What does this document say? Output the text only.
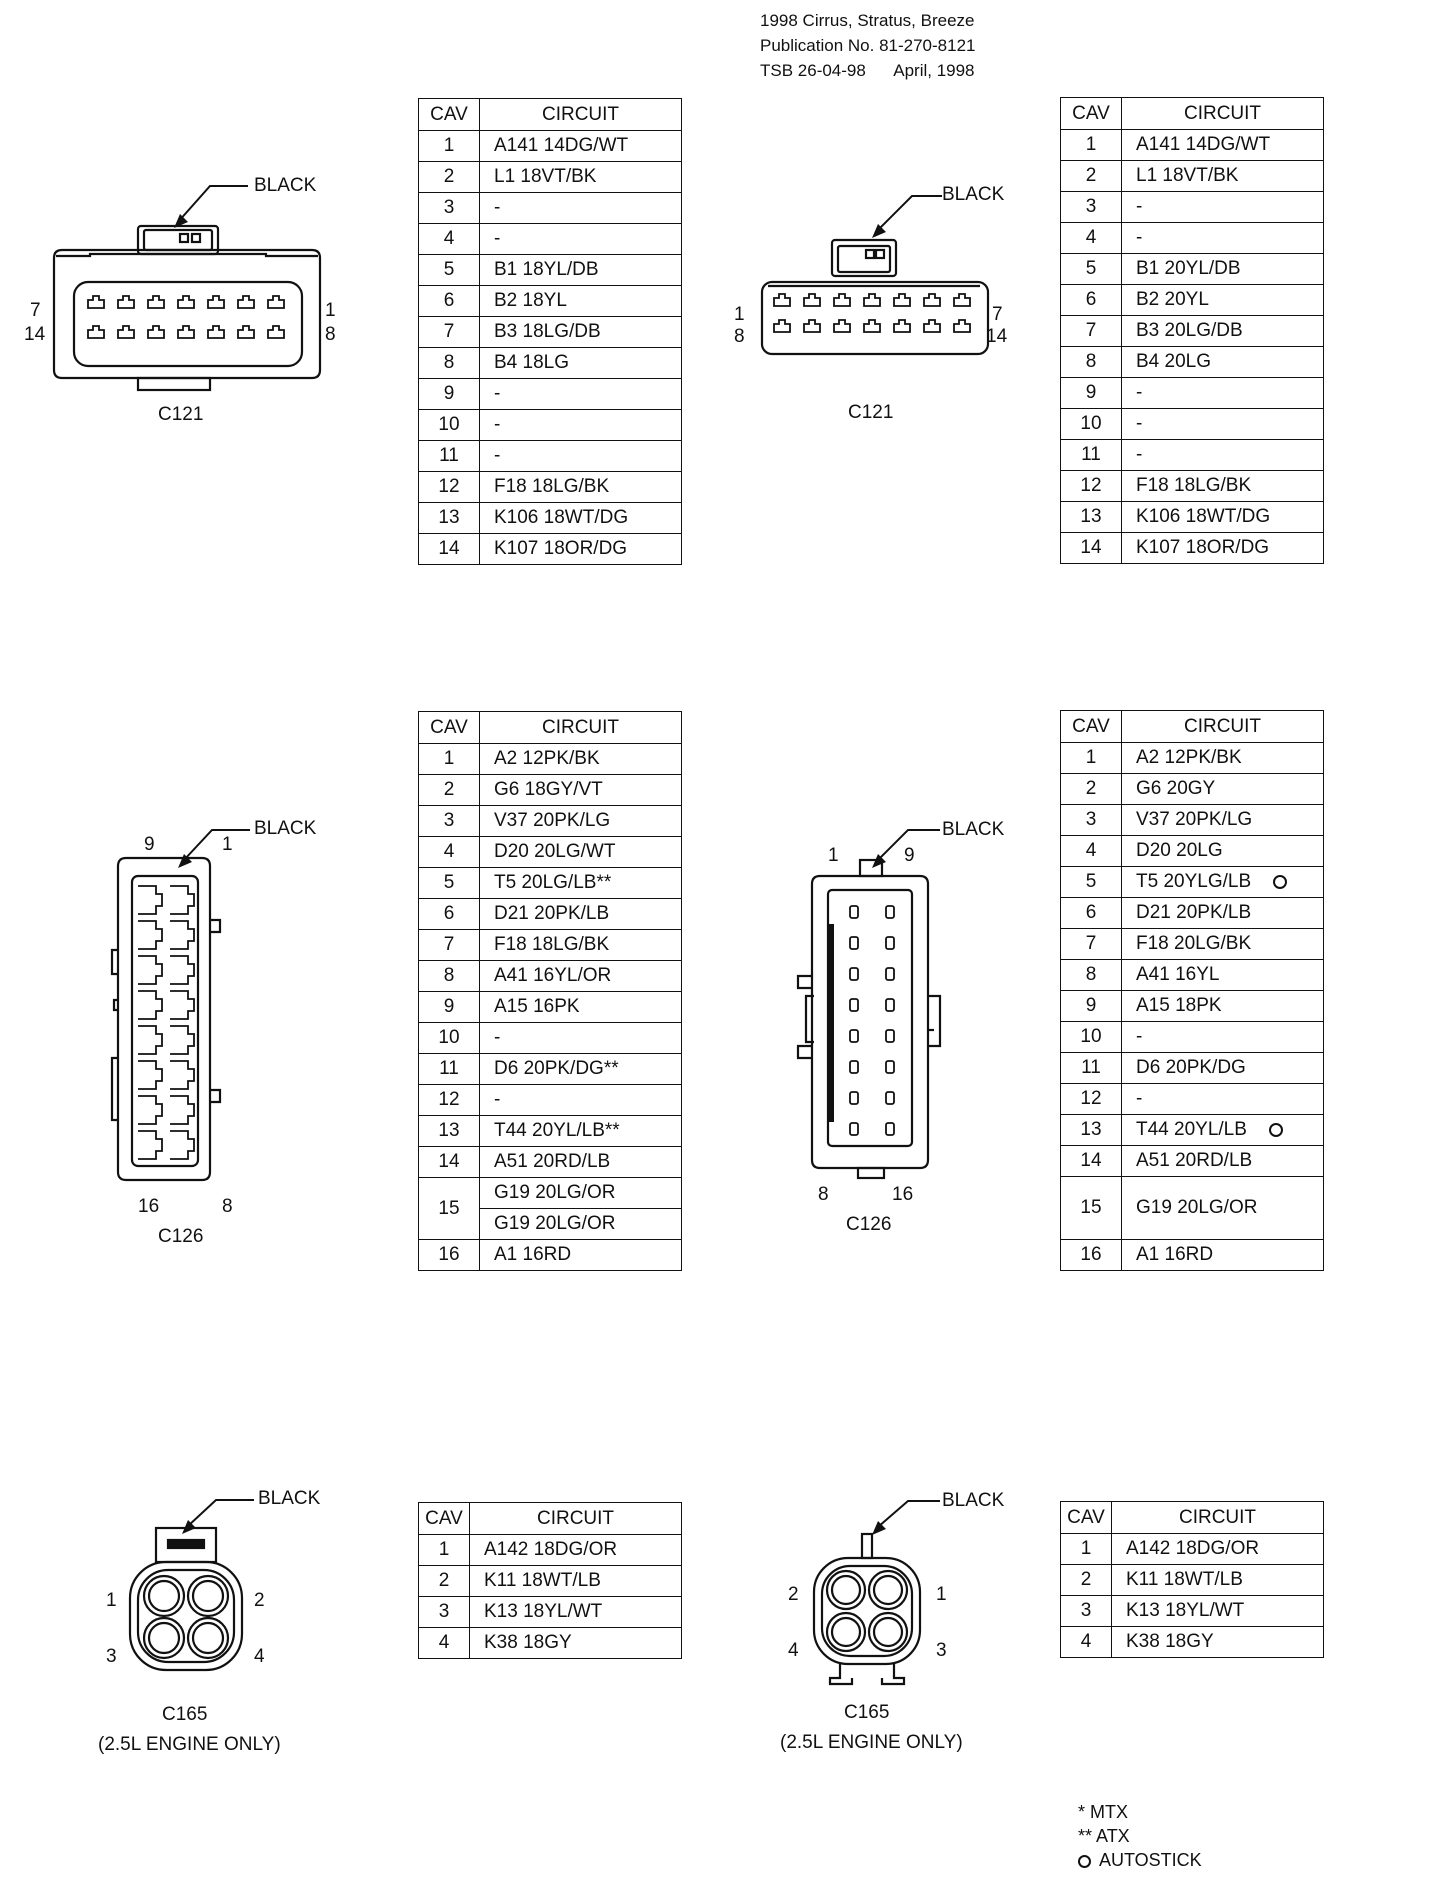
1998 Cirrus, Stratus, Breeze
Publication No. 81-270-8121
TSB 26-04-98      April, 1998
BLACK
7
14
1
8
C121
CAV	CIRCUIT
1	A141 14DG/WT
2	L1 18VT/BK
3	-
4	-
5	B1 18YL/DB
6	B2 18YL
7	B3 18LG/DB
8	B4 18LG
9	-
10	-
11	-
12	F18 18LG/BK
13	K106 18WT/DG
14	K107 18OR/DG
BLACK
1
8
7
14
C121
CAV	CIRCUIT
1	A141 14DG/WT
2	L1 18VT/BK
3	-
4	-
5	B1 20YL/DB
6	B2 20YL
7	B3 20LG/DB
8	B4 20LG
9	-
10	-
11	-
12	F18 18LG/BK
13	K106 18WT/DG
14	K107 18OR/DG
BLACK
9	1
16	8
C126
CAV	CIRCUIT
1	A2 12PK/BK
2	G6 18GY/VT
3	V37 20PK/LG
4	D20 20LG/WT
5	T5 20LG/LB**
6	D21 20PK/LB
7	F18 18LG/BK
8	A41 16YL/OR
9	A15 16PK
10	-
11	D6 20PK/DG**
12	-
13	T44 20YL/LB**
14	A51 20RD/LB
15	G19 20LG/OR
	G19 20LG/OR
16	A1 16RD
BLACK
1	9
8	16
C126
CAV	CIRCUIT
1	A2 12PK/BK
2	G6 20GY
3	V37 20PK/LG
4	D20 20LG
5	T5 20YLG/LB
6	D21 20PK/LB
7	F18 20LG/BK
8	A41 16YL
9	A15 18PK
10	-
11	D6 20PK/DG
12	-
13	T44 20YL/LB
14	A51 20RD/LB
15	G19 20LG/OR
16	A1 16RD
BLACK
1	2
3	4
C165
(2.5L ENGINE ONLY)
CAV	CIRCUIT
1	A142 18DG/OR
2	K11 18WT/LB
3	K13 18YL/WT
4	K38 18GY
BLACK
2	1
4	3
C165
(2.5L ENGINE ONLY)
CAV	CIRCUIT
1	A142 18DG/OR
2	K11 18WT/LB
3	K13 18YL/WT
4	K38 18GY
* MTX
** ATX
AUTOSTICK
